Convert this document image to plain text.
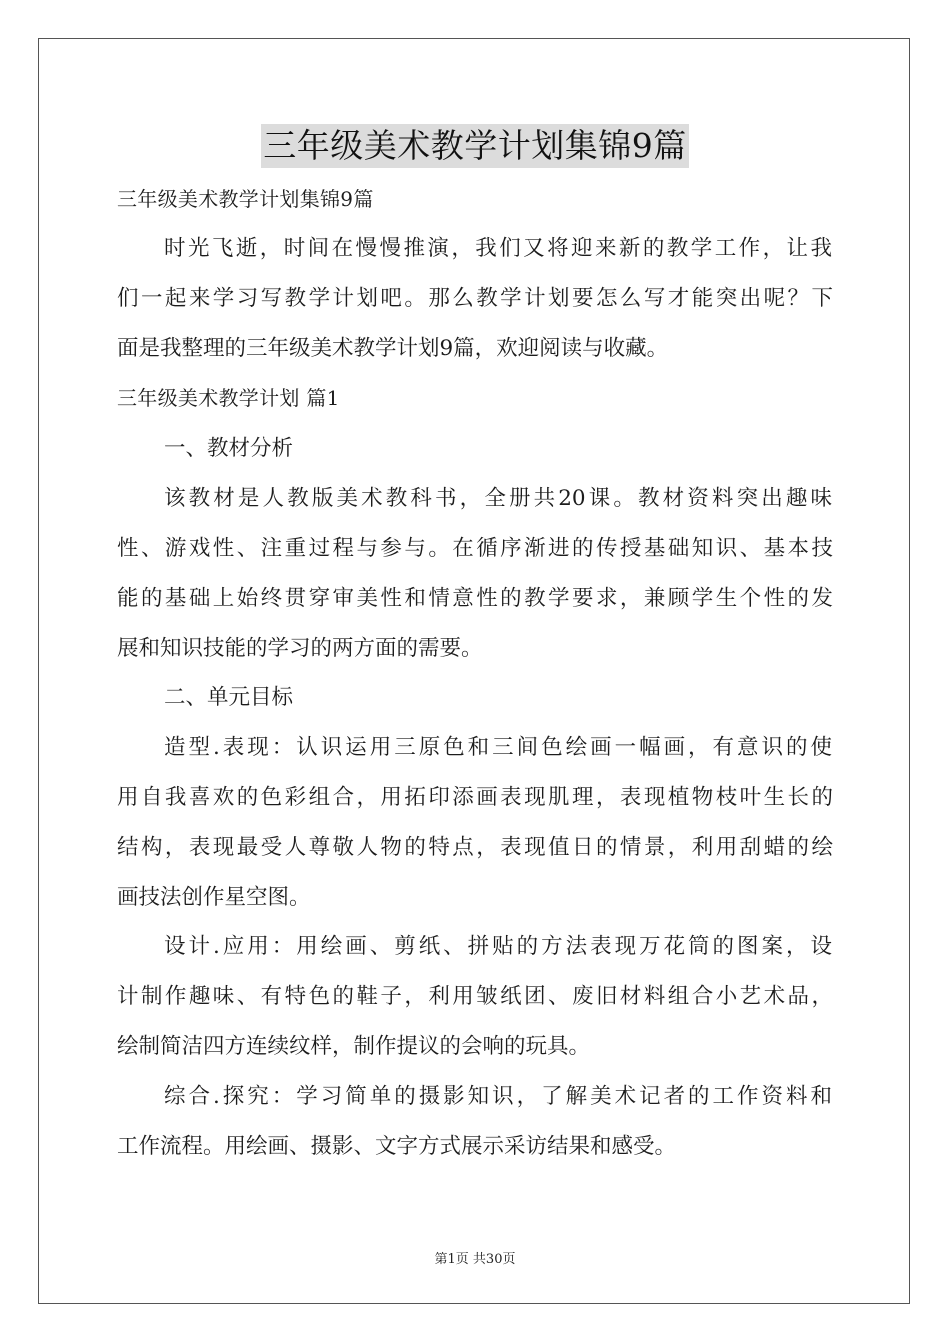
三年级美术教学计划集锦9篇
三年级美术教学计划集锦9篇
时光飞逝，时间在慢慢推演，我们又将迎来新的教学工作，让我
们一起来学习写教学计划吧。那么教学计划要怎么写才能突出呢？下
面是我整理的三年级美术教学计划9篇，欢迎阅读与收藏。
三年级美术教学计划 篇1
一、教材分析
该教材是人教版美术教科书，全册共20课。教材资料突出趣味
性、游戏性、注重过程与参与。在循序渐进的传授基础知识、基本技
能的基础上始终贯穿审美性和情意性的教学要求，兼顾学生个性的发
展和知识技能的学习的两方面的需要。
二、单元目标
造型.表现：认识运用三原色和三间色绘画一幅画，有意识的使
用自我喜欢的色彩组合，用拓印添画表现肌理，表现植物枝叶生长的
结构，表现最受人尊敬人物的特点，表现值日的情景，利用刮蜡的绘
画技法创作星空图。
设计.应用：用绘画、剪纸、拼贴的方法表现万花筒的图案，设
计制作趣味、有特色的鞋子，利用皱纸团、废旧材料组合小艺术品，
绘制简洁四方连续纹样，制作提议的会响的玩具。
综合.探究：学习简单的摄影知识，了解美术记者的工作资料和
工作流程。用绘画、摄影、文字方式展示采访结果和感受。
第1页 共30页
